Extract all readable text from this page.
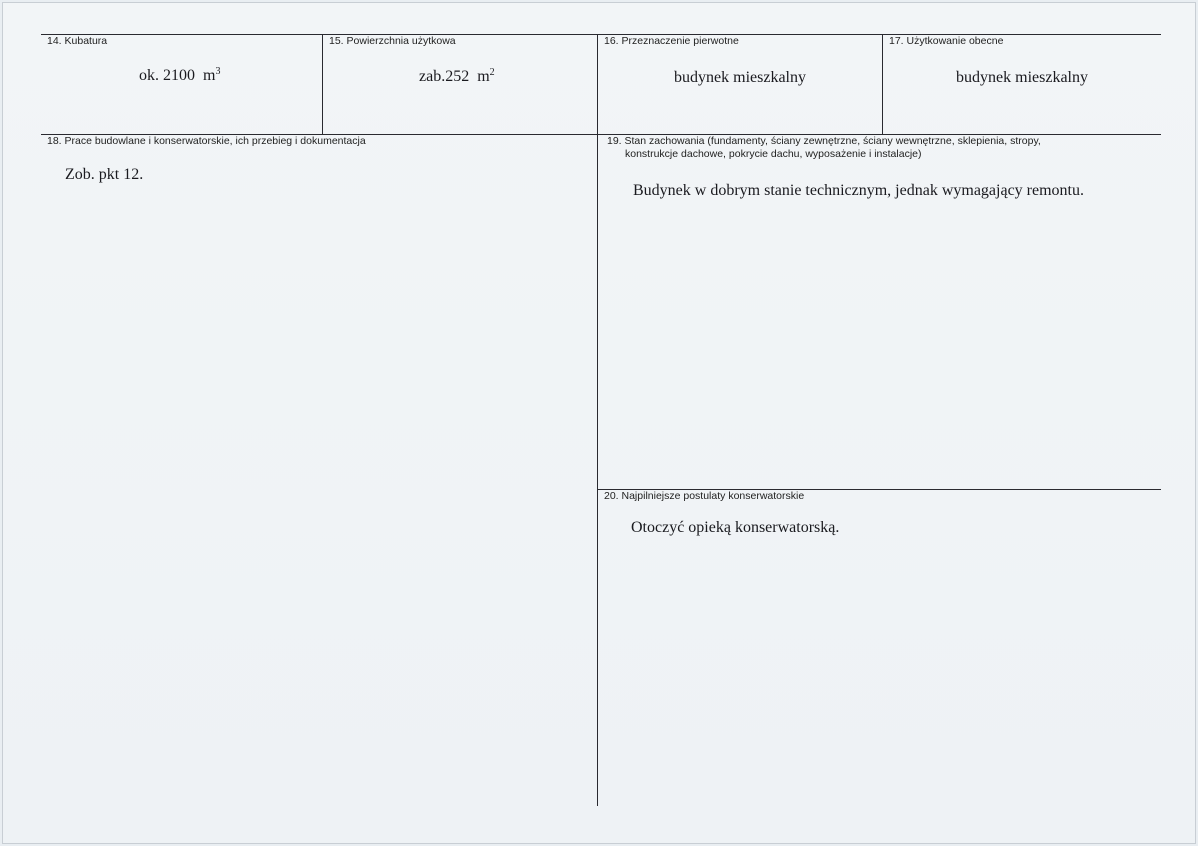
14. Kubatura
ok. 2100 $m^3$
15. Powierzchnia użytkowa
zab.252 $m^2$
16. Przeznaczenie pierwotne
budynek mieszkalny
17. Użytkowanie obecne
budynek mieszkalny
18. Prace budowlane i konserwatorskie, ich przebieg i dokumentacja
Zob. pkt 12.
19. Stan zachowania (fundamenty, ściany zewnętrzne, ściany wewnętrzne, sklepienia, stropy,
konstrukcje dachowe, pokrycie dachu, wyposażenie i instalacje)
Budynek w dobrym stanie technicznym, jednak wymagający remontu.
20. Najpilniejsze postulaty konserwatorskie
Otoczyć opieką konserwatorską.
